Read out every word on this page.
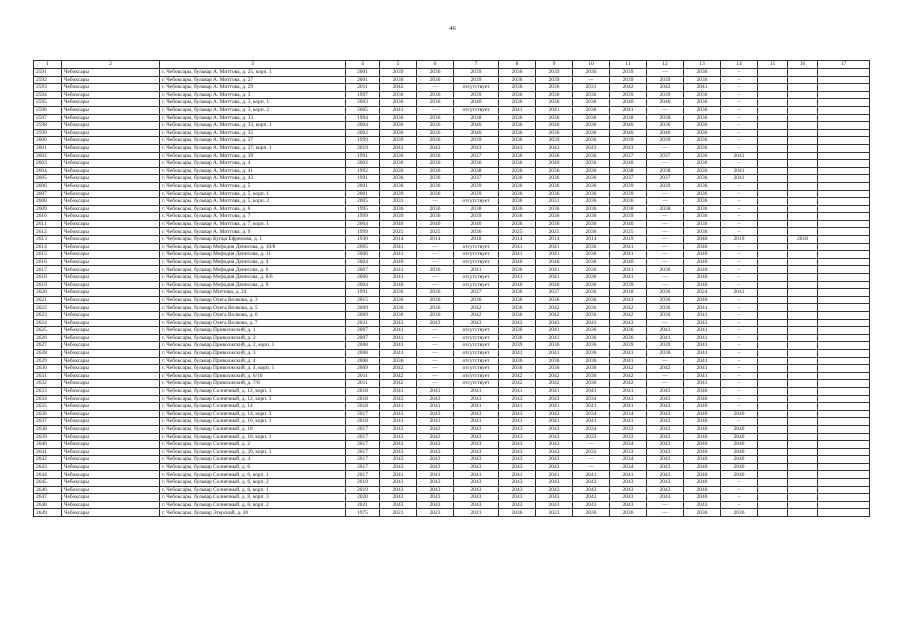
46
1	2	3	4	5	6	7	8	9	10	11	12	13	14	15	16	17
2591	Чебоксары	г. Чебоксары, бульвар А. Миттова, д. 25, корп. 1	2001	2039	2036	2039	2036	2039	2036	2039	—	2036	–			
2592	Чебоксары	г. Чебоксары, бульвар А. Миттова, д. 27	2001	2036	2036	2039	2036	2039	—	2039	2039	2036	–			
2593	Чебоксары	г. Чебоксары, бульвар А. Миттова, д. 29	2011	2042	—	отсутствует	2036	2036	2031	2042	2042	2041	–			
2594	Чебоксары	г. Чебоксары, бульвар А. Миттова, д. 3	1997	2036	2036	2039	2036	2036	2036	2039	2039	2036	–			
2595	Чебоксары	г. Чебоксары, бульвар А. Миттова, д. 3, корп. 1	2003	2036	2036	2040	2036	2036	2036	2040	2040	2036	–			
2596	Чебоксары	г. Чебоксары, бульвар А. Миттова, д. 3, корп. 2	2005	2041	—	отсутствует	2041	2041	2036	2041	—	2036	–			
2597	Чебоксары	г. Чебоксары, бульвар А. Миттова, д. 33	1994	2036	2036	2038	2036	2036	2036	2038	2038	2036	–			
2598	Чебоксары	г. Чебоксары, бульвар А. Миттова, д. 33, корп. 1	2004	2036	2036	2040	2036	2040	2036	2040	2036	2036	–			
2599	Чебоксары	г. Чебоксары, бульвар А. Миттова, д. 35	2002	2036	2036	2040	2036	2036	2036	2040	2040	2036	–			
2600	Чебоксары	г. Чебоксары, бульвар А. Миттова, д. 37	1999	2039	2036	2039	2036	2039	2036	2039	2039	2036	–			
2601	Чебоксары	г. Чебоксары, бульвар А. Миттова, д. 37, корп. 1	2019	2043	2043	2043	2043	2043	2043	2043	—	2036	–			
2602	Чебоксары	г. Чебоксары, бульвар А. Миттова, д. 39	1991	2036	2036	2037	2036	2036	2036	2037	2037	2036	2041			
2603	Чебоксары	г. Чебоксары, бульвар А. Миттова, д. 4	2002	2036	2036	2036	2036	2040	2036	2040	—	2036	–			
2604	Чебоксары	г. Чебоксары, бульвар А. Миттова, д. 41	1992	2036	2036	2038	2036	2036	2036	2038	2038	2036	2041			
2605	Чебоксары	г. Чебоксары, бульвар А. Миттова, д. 43	1991	2036	2036	2037	2036	2036	2036	2037	2037	2036	2041			
2606	Чебоксары	г. Чебоксары, бульвар А. Миттова, д. 5	2001	2036	2036	2039	2036	2036	2036	2039	2039	2036	–			
2607	Чебоксары	г. Чебоксары, бульвар А. Миттова, д. 5, корп. 1	2001	2039	2036	2039	2036	2036	2036	2039	—	2036	–			
2608	Чебоксары	г. Чебоксары, бульвар А. Миттова, д. 5, корп. 2	2005	2031	—	отсутствует	2036	2031	2036	2036	—	2036	–			
2609	Чебоксары	г. Чебоксары, бульвар А. Миттова, д. 6	1995	2036	2036	2038	2036	2036	2036	2038	2038	2036	–			
2610	Чебоксары	г. Чебоксары, бульвар А. Миттова, д. 7	1999	2039	2036	2039	2036	2036	2036	2039	—	2036	–			
2611	Чебоксары	г. Чебоксары, бульвар А. Миттова, д. 7, корп. 1	2004	2040	2040	2040	2036	2036	2036	2040	—	2036	–			
2612	Чебоксары	г. Чебоксары, бульвар А. Миттова, д. 9	1999	2025	2025	2036	2025	2025	2036	2025	—	2036	–			
2613	Чебоксары	г. Чебоксары, бульвар Купца Ефремова, д. 1	1930	2014	2014	2018	2014	2014	2014	2019	—	2040	2019		2018	
2614	Чебоксары	г. Чебоксары, бульвар Мефодия Денисова, д. 10/8	2005	2041	—	отсутствует	2041	2041	2036	2041	—	2040	–			
2615	Чебоксары	г. Чебоксары, бульвар Мефодия Денисова, д. 11	2006	2041	—	отсутствует	2041	2041	2036	2041	—	2040	–			
2616	Чебоксары	г. Чебоксары, бульвар Мефодия Денисова, д. 4	2004	2040	—	отсутствует	2040	2040	2036	2040	—	2040	–			
2617	Чебоксары	г. Чебоксары, бульвар Мефодия Денисова, д. 6	2007	2041	2036	2041	2036	2041	2036	2041	2036	2040	–			
2618	Чебоксары	г. Чебоксары, бульвар Мефодия Денисова, д. 8/6	2006	2041	—	отсутствует	2041	2041	2036	2041	—	2040	–			
2619	Чебоксары	г. Чебоксары, бульвар Мефодия Денисова, д. 9	2004	2040	—	отсутствует	2040	2040	2036	2039	—	2040	–			
2620	Чебоксары	г. Чебоксары, бульвар Миттова, д. 24	1991	2036	2036	2037	2036	2037	2036	2018	2036	2024	2041			
2621	Чебоксары	г. Чебоксары, бульвар Олега Волкова, д. 3	2015	2036	2036	2036	2036	2036	2036	2043	2036	2040	–			
2622	Чебоксары	г. Чебоксары, бульвар Олега Волкова, д. 5	2009	2036	2036	2042	2036	2042	2036	2042	2036	2041	–			
2623	Чебоксары	г. Чебоксары, бульвар Олега Волкова, д. 6	2009	2036	2036	2042	2036	2042	2036	2042	2036	2041	–			
2624	Чебоксары	г. Чебоксары, бульвар Олега Волкова, д. 7	2021	2043	2043	2043	2043	2043	2043	2043	—	2043	–			
2625	Чебоксары	г. Чебоксары, бульвар Приволжский, д. 1	2007	2041	—	отсутствует	2036	2041	2036	2036	2041	2041	–			
2626	Чебоксары	г. Чебоксары, бульвар Приволжский, д. 2	2007	2041	—	отсутствует	2036	2041	2036	2036	2041	2041	–			
2627	Чебоксары	г. Чебоксары, бульвар Приволжский, д. 2, корп. 1	2008	2041	—	отсутствует	2039	2036	2036	2039	2039	2041	–			
2628	Чебоксары	г. Чебоксары, бульвар Приволжский, д. 3	2008	2041	—	отсутствует	2041	2041	2036	2041	2036	2041	–			
2629	Чебоксары	г. Чебоксары, бульвар Приволжский, д. 4	2008	2036	—	отсутствует	2036	2036	2036	2041	—	2041	–			
2630	Чебоксары	г. Чебоксары, бульвар Приволжский, д. 4, корп. 1	2009	2042	—	отсутствует	2036	2036	2036	2042	2042	2041	–			
2631	Чебоксары	г. Чебоксары, бульвар Приволжский, д. 6/10	2011	2042	—	отсутствует	2042	2042	2036	2042	—	2041	–			
2632	Чебоксары	г. Чебоксары, бульвар Приволжский, д. 7/8	2011	2042	—	отсутствует	2042	2042	2036	2042	—	2041	–			
2633	Чебоксары	г. Чебоксары, бульвар Солнечный, д. 12, корп. 1	2018	2041	2041	2041	2041	2041	2041	2041	2043	2040	–			
2634	Чебоксары	г. Чебоксары, бульвар Солнечный, д. 12, корп. 3	2018	2043	2043	2043	2043	2043	2034	2043	2043	2040	–			
2635	Чебоксары	г. Чебоксары, бульвар Солнечный, д. 14	2018	2041	2041	2041	2041	2041	2041	2041	2043	2040	–			
2636	Чебоксары	г. Чебоксары, бульвар Солнечный, д. 14, корп. 3	2017	2043	2043	2043	2043	2043	2034	2034	2043	2040	2040			
2637	Чебоксары	г. Чебоксары, бульвар Солнечный, д. 16, корп. 1	2018	2041	2041	2041	2041	2041	2041	2041	2043	2040	–			
2638	Чебоксары	г. Чебоксары, бульвар Солнечный, д. 18	2017	2043	2043	2043	2043	2043	2034	2033	2043	2040	2040			
2639	Чебоксары	г. Чебоксары, бульвар Солнечный, д. 18, корп. 1	2017	2043	2043	2043	2043	2043	2033	2033	2043	2040	2040			
2640	Чебоксары	г. Чебоксары, бульвар Солнечный, д. 2	2017	2043	2043	2043	2043	2043	—	2034	2043	2040	2040			
2641	Чебоксары	г. Чебоксары, бульвар Солнечный, д. 20, корп. 1	2017	2043	2043	2043	2043	2043	2033	2033	2043	2040	2040			
2642	Чебоксары	г. Чебоксары, бульвар Солнечный, д. 4	2017	2043	2043	2043	2043	2043	—	2034	2043	2040	2040			
2643	Чебоксары	г. Чебоксары, бульвар Солнечный, д. 6	2017	2043	2043	2043	2043	2043	—	2034	2043	2040	2040			
2644	Чебоксары	г. Чебоксары, бульвар Солнечный, д. 6, корп. 1	2017	2041	2041	2041	2041	2041	2041	2041	2043	2040	2040			
2645	Чебоксары	г. Чебоксары, бульвар Солнечный, д. 6, корп. 2	2019	2043	2043	2043	2043	2043	2043	2043	2043	2040	–			
2646	Чебоксары	г. Чебоксары, бульвар Солнечный, д. 8, корп. 1	2019	2043	2043	2043	2043	2043	2043	2043	2043	2040	–			
2647	Чебоксары	г. Чебоксары, бульвар Солнечный, д. 8, корп. 3	2020	2043	2043	2043	2043	2043	2043	2043	2043	2040	–			
2648	Чебоксары	г. Чебоксары, бульвар Солнечный, д. 8, корп. 2	2021	2043	2043	2043	2043	2043	2043	2043	—	2043	–			
2649	Чебоксары	г. Чебоксары, бульвар Эгерский, д. 10	1975	2023	2023	2021	2036	2023	2036	2036	—	2036	2036			
